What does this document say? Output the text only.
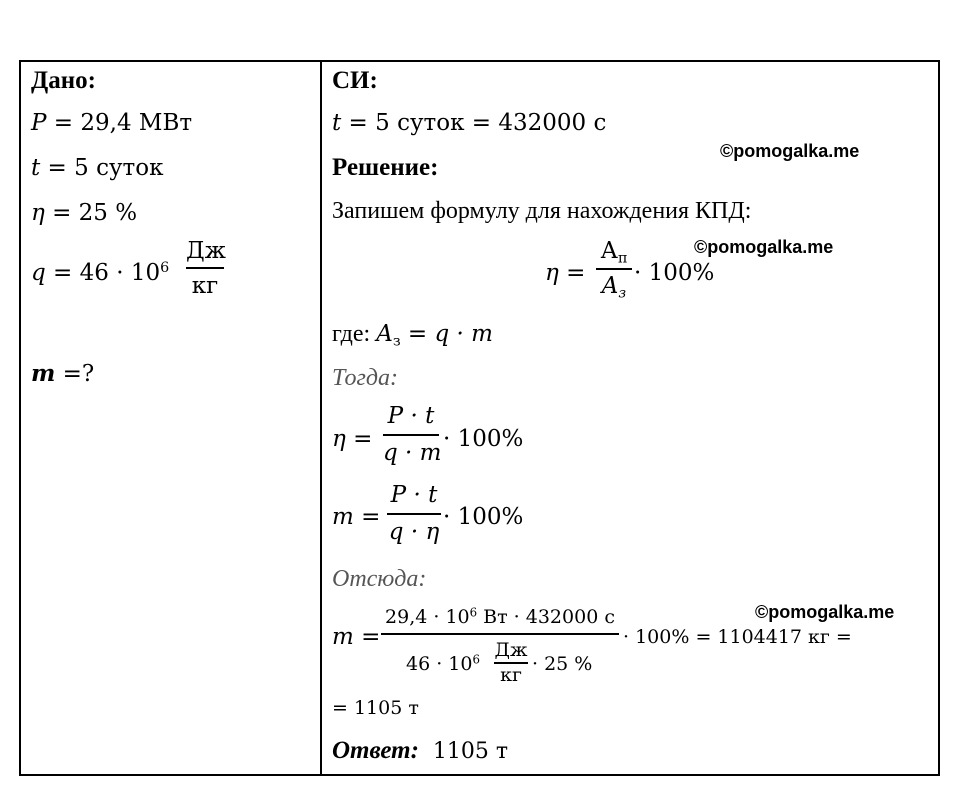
Дано:
P = 29,4 МВт
t = 5 суток
η = 25 %
$q = 46 \cdot 10^6$
Дж
кг
m =?
СИ:
t = 5 суток = 432000 с
©pomogalka.me
Решение:
Запишем формулу для нахождения КПД:
©pomogalka.me
η =
$А_п$
$A_з$
· 100%
где: $A_з = q \cdot m$
Тогда:
η =
P · t
q · m
· 100%
m =
P · t
q · η
· 100%
Отсюда:
©pomogalka.me
m =
$29,4 \cdot 10^6$ Вт · 432000 с
$46 \cdot 10^6$ Дж
кг · 25 %
· 100% = 1104417 кг =
= 1105 т
Ответ: 1105 т
